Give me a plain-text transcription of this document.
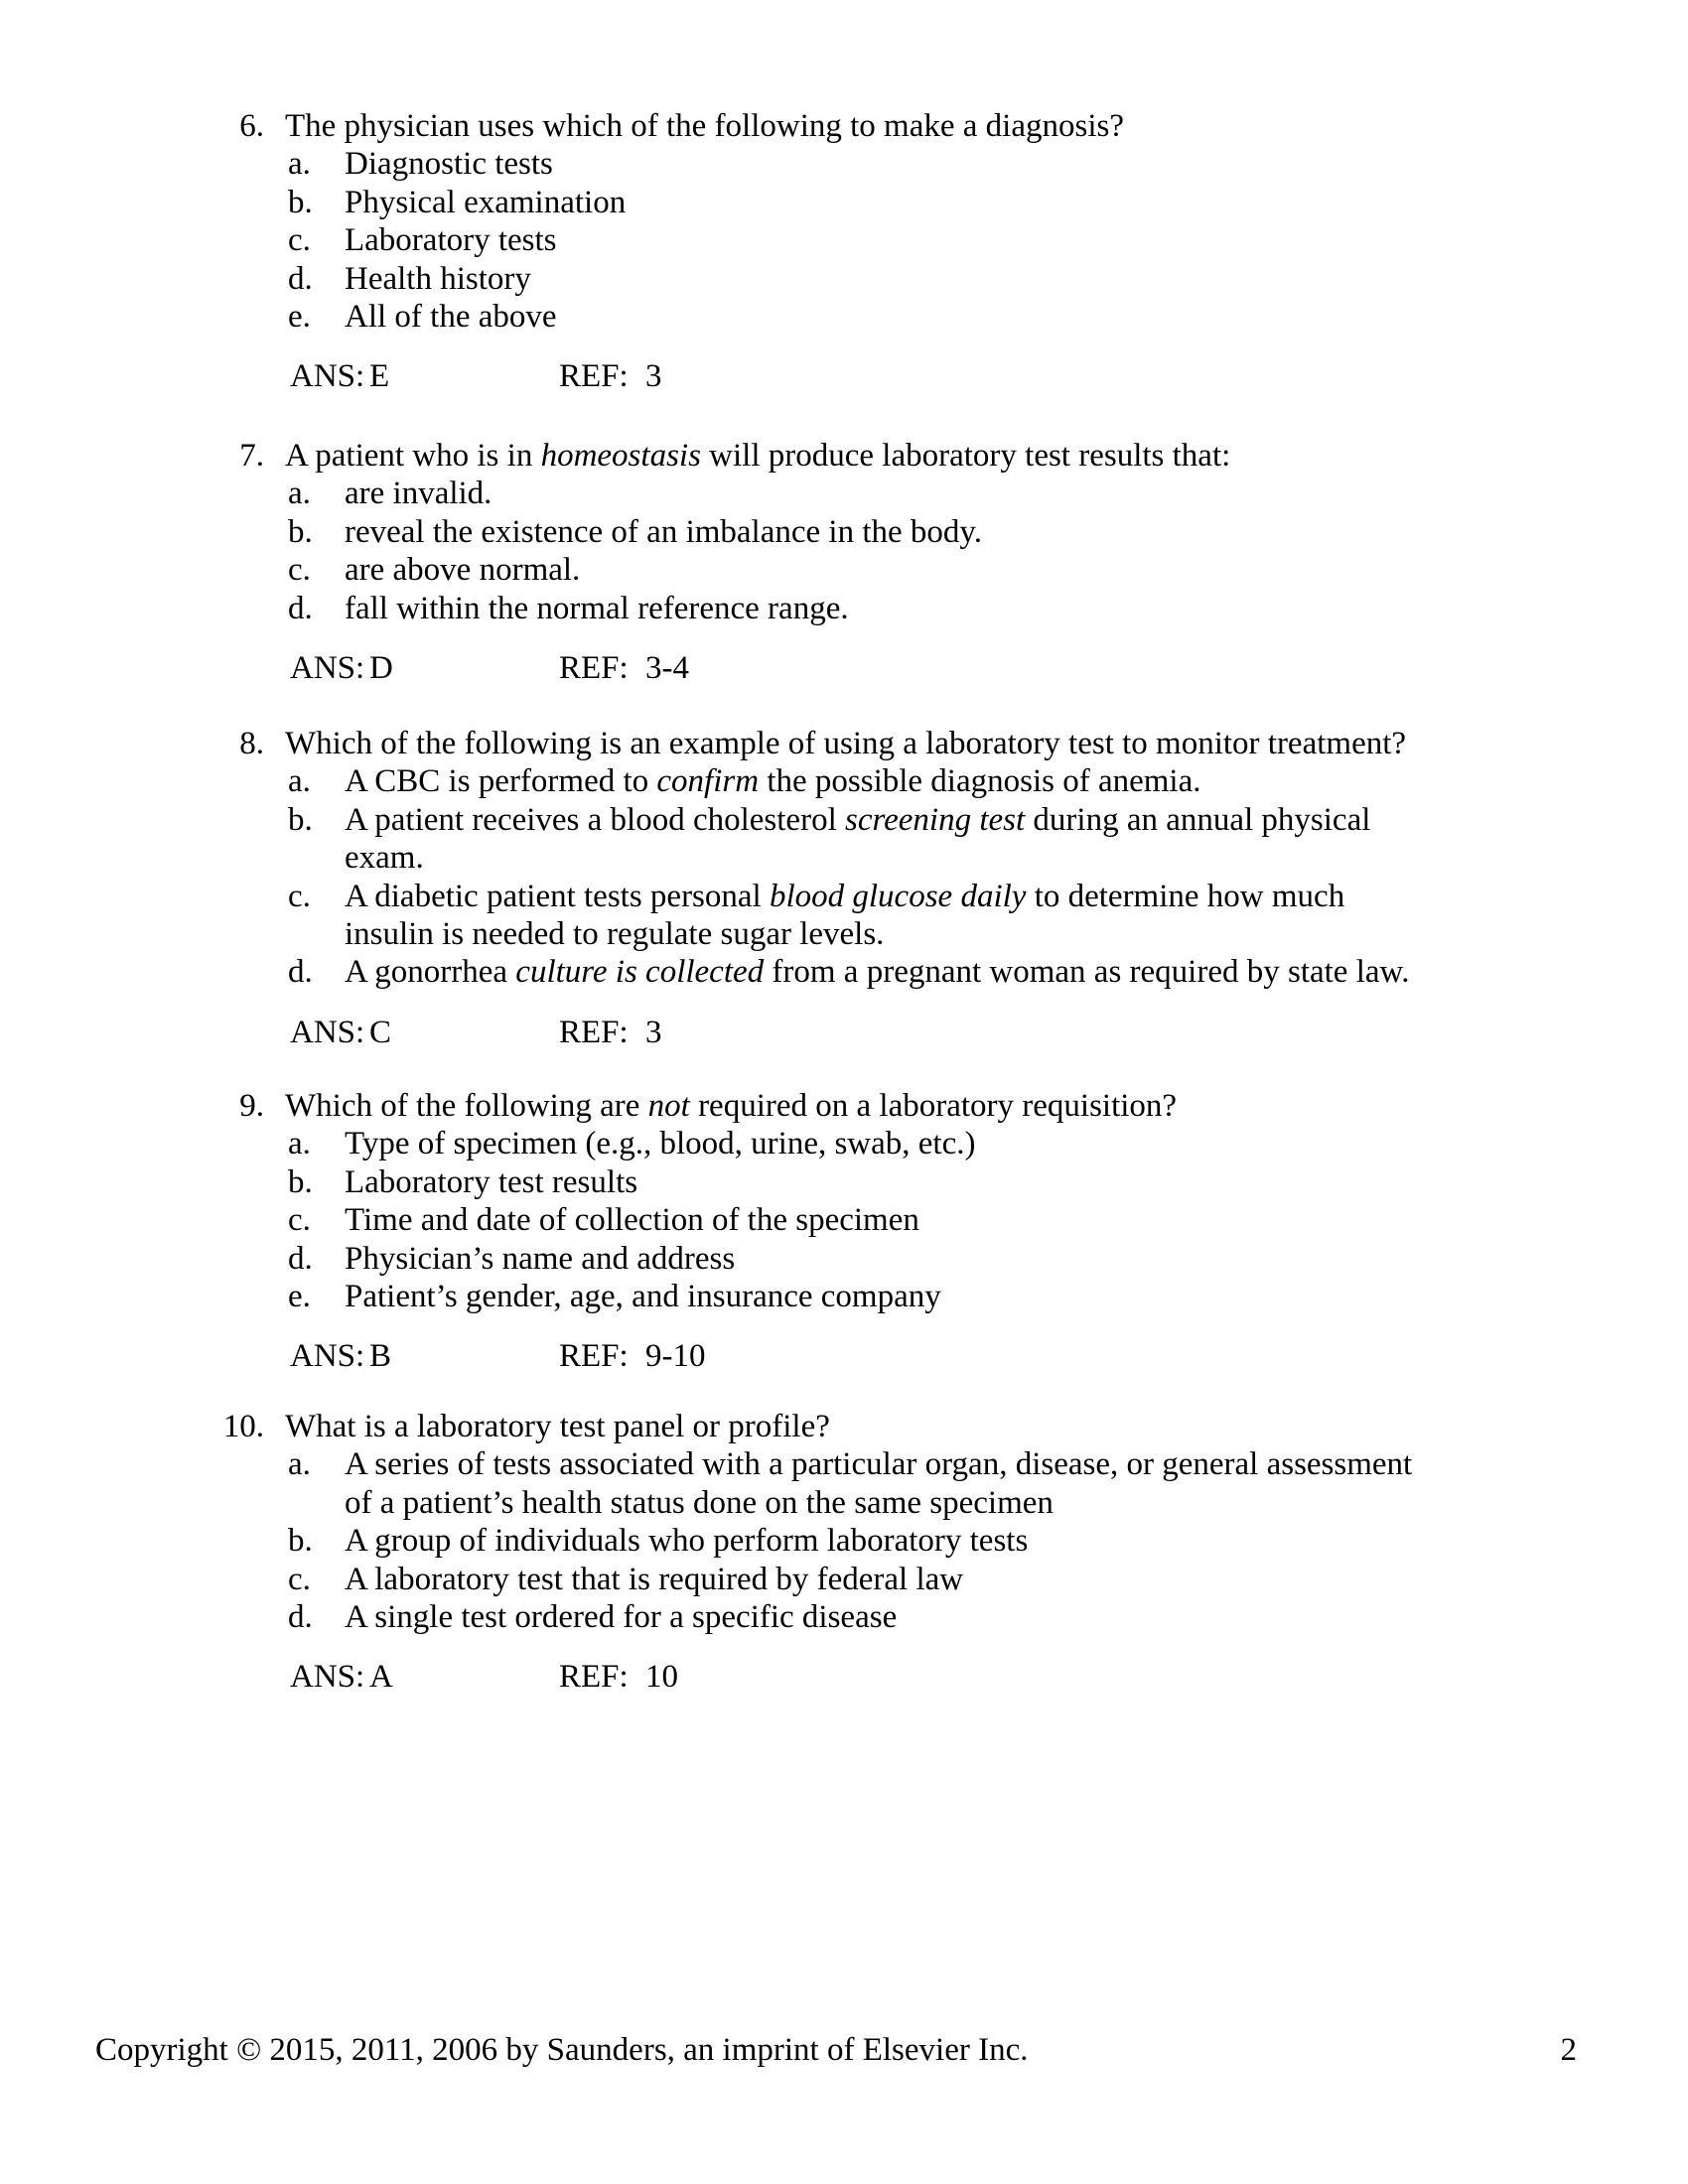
6. The physician uses which of the following to make a diagnosis?
a.	Diagnostic tests
b. Physical examination
c.	Laboratory tests
d. Health history
e.	All of the above
ANS: E	REF: 3
7. A patient who is in homeostasis will produce laboratory test results that:
a.	are invalid.
b. reveal the existence of an imbalance in the body.
c.	are above normal.
d. fall within the normal reference range.
ANS: D	REF: 3-4
8. Which of the following is an example of using a laboratory test to monitor treatment?
a.	A CBC is performed to confirm the possible diagnosis of anemia.
b. A patient receives a blood cholesterol screening test during an annual physical
exam.
c.	A diabetic patient tests personal blood glucose daily to determine how much
insulin is needed to regulate sugar levels.
d. A gonorrhea culture is collected from a pregnant woman as required by state law.
ANS: C	REF: 3
9. Which of the following are not required on a laboratory requisition?
a.	Type of specimen (e.g., blood, urine, swab, etc.)
b. Laboratory test results
c.	Time and date of collection of the specimen
d. Physician’s name and address
e.	Patient’s gender, age, and insurance company
ANS: B	REF: 9-10
10. What is a laboratory test panel or profile?
a.	A series of tests associated with a particular organ, disease, or general assessment
of a patient’s health status done on the same specimen
b. A group of individuals who perform laboratory tests
c.	A laboratory test that is required by federal law
d. A single test ordered for a specific disease
ANS: A	REF: 10
Copyright © 2015, 2011, 2006 by Saunders, an imprint of Elsevier Inc.	2
